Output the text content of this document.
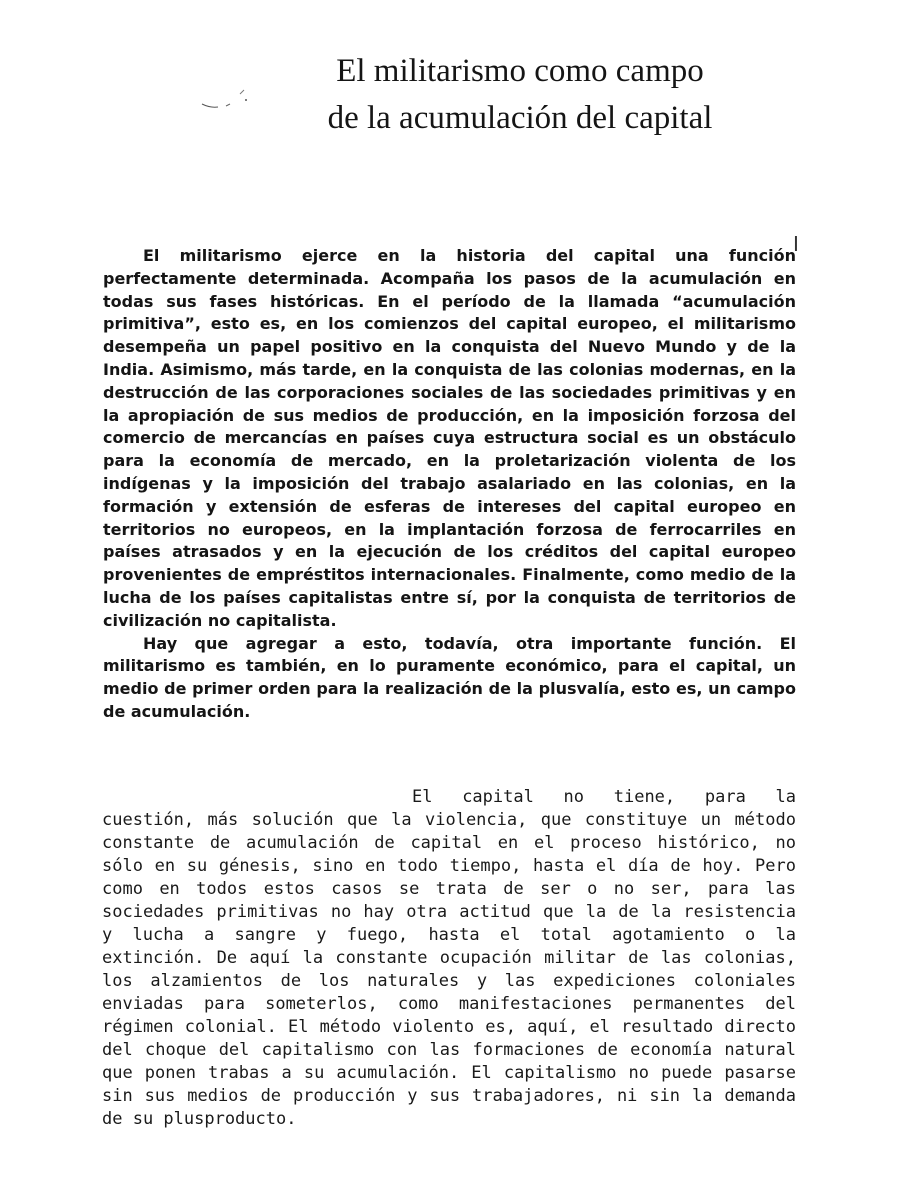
El militarismo como campo
de la acumulación del capital
I

El militarismo ejerce en la historia del capital una función perfectamente determinada. Acompaña los pasos de la acumulación en todas sus fases históricas. En el período de la llamada “acumulación primitiva”, esto es, en los comienzos del capital europeo, el militarismo desempeña un papel positivo en la conquista del Nuevo Mundo y de la India. Asimismo, más tarde, en la conquista de las colonias modernas, en la destrucción de las corporaciones sociales de las sociedades primitivas y en la apropiación de sus medios de producción, en la imposición forzosa del comercio de mercancías en países cuya estructura social es un obstáculo para la economía de mercado, en la proletarización violenta de los indígenas y la imposición del trabajo asalariado en las colonias, en la formación y extensión de esferas de intereses del capital europeo en territorios no europeos, en la implantación forzosa de ferrocarriles en países atrasados y en la ejecución de los créditos del capital europeo provenientes de empréstitos internacionales. Finalmente, como medio de la lucha de los países capitalistas entre sí, por la conquista de territorios de civilización no capitalista.

Hay que agregar a esto, todavía, otra importante función. El militarismo es también, en lo puramente económico, para el capital, un medio de primer orden para la realización de la plusvalía, esto es, un campo de acumulación.

El capital no tiene, para la cuestión, más solución que la violencia, que constituye un método constante de acumulación de capital en el proceso histórico, no sólo en su génesis, sino en todo tiempo, hasta el día de hoy. Pero como en todos estos casos se trata de ser o no ser, para las sociedades primitivas no hay otra actitud que la de la resistencia y lucha a sangre y fuego, hasta el total agotamiento o la extinción. De aquí la constante ocupación militar de las colonias, los alzamientos de los naturales y las expediciones coloniales enviadas para someterlos, como manifestaciones permanentes del régimen colonial. El método violento es, aquí, el resultado directo del choque del capitalismo con las formaciones de economía natural que ponen trabas a su acumulación. El capitalismo no puede pasarse sin sus medios de producción y sus trabajadores, ni sin la demanda de su plusproducto.
